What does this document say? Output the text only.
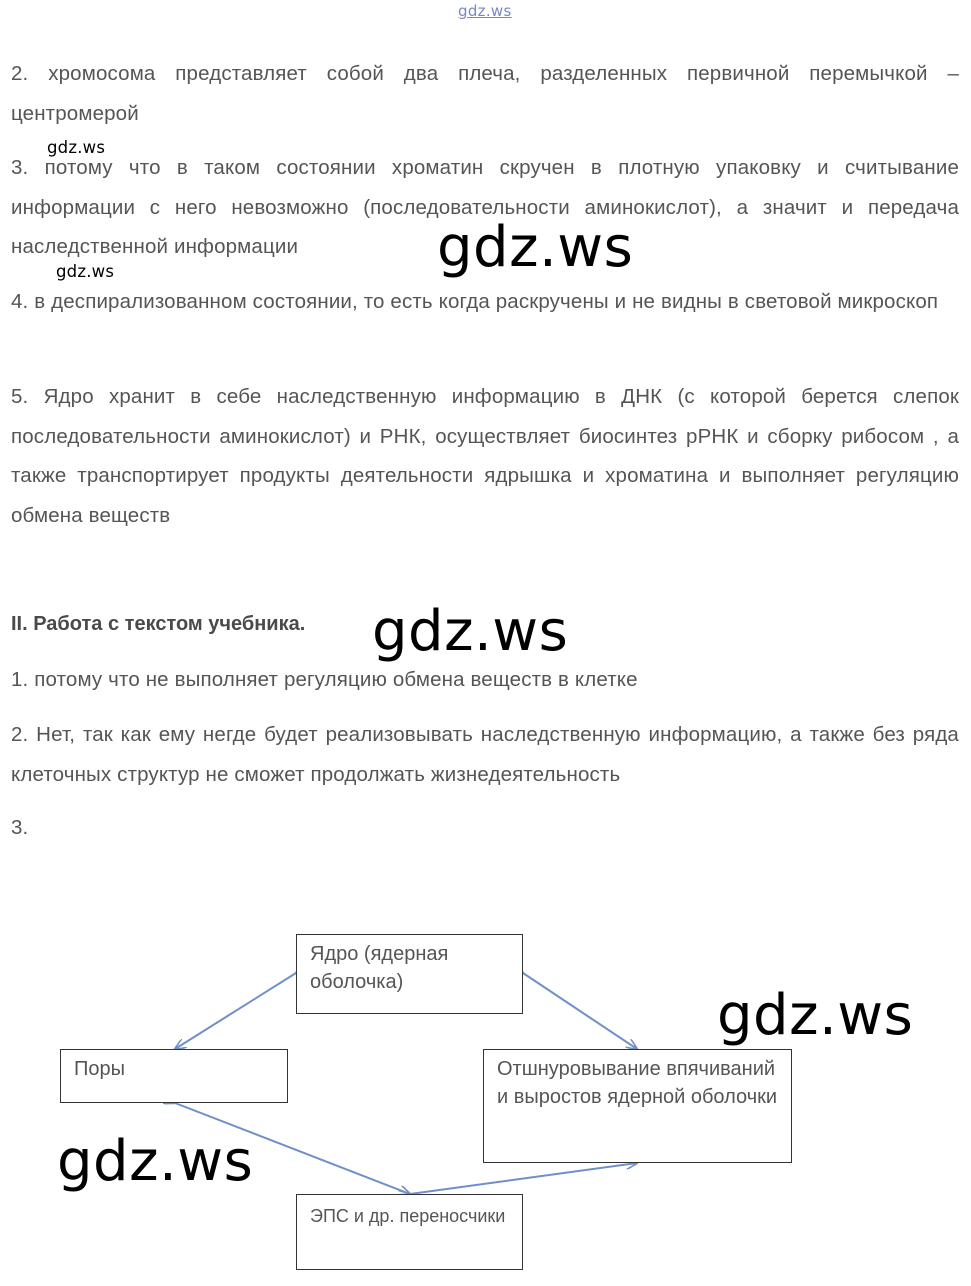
gdz.ws

2. хромосома представляет собой два плеча, разделенных первичной перемычкой – центромерой

3. потому что в таком состоянии хроматин скручен в плотную упаковку и считывание информации с него невозможно (последовательности аминокислот), а значит и передача наследственной информации

4. в деспирализованном состоянии, то есть когда раскручены и не видны в световой микроскоп

5. Ядро хранит в себе наследственную информацию в ДНК (с которой берется слепок последовательности аминокислот) и РНК, осуществляет биосинтез рРНК и сборку рибосом , а также транспортирует продукты деятельности ядрышка и хроматина и выполняет регуляцию обмена веществ

II. Работа с текстом учебника.

1. потому что не выполняет регуляцию обмена веществ в клетке

2. Нет, так как ему негде будет реализовывать наследственную информацию, а также без ряда клеточных структур не сможет продолжать жизнедеятельность

3.

gdz.ws
gdz.ws	gdz.ws
gdz.ws
gdz.ws
gdz.ws
Ядро (ядерная оболочка)
Поры	Отшнуровывание впячиваний и выростов ядерной оболочки
ЭПС и др. переносчики
